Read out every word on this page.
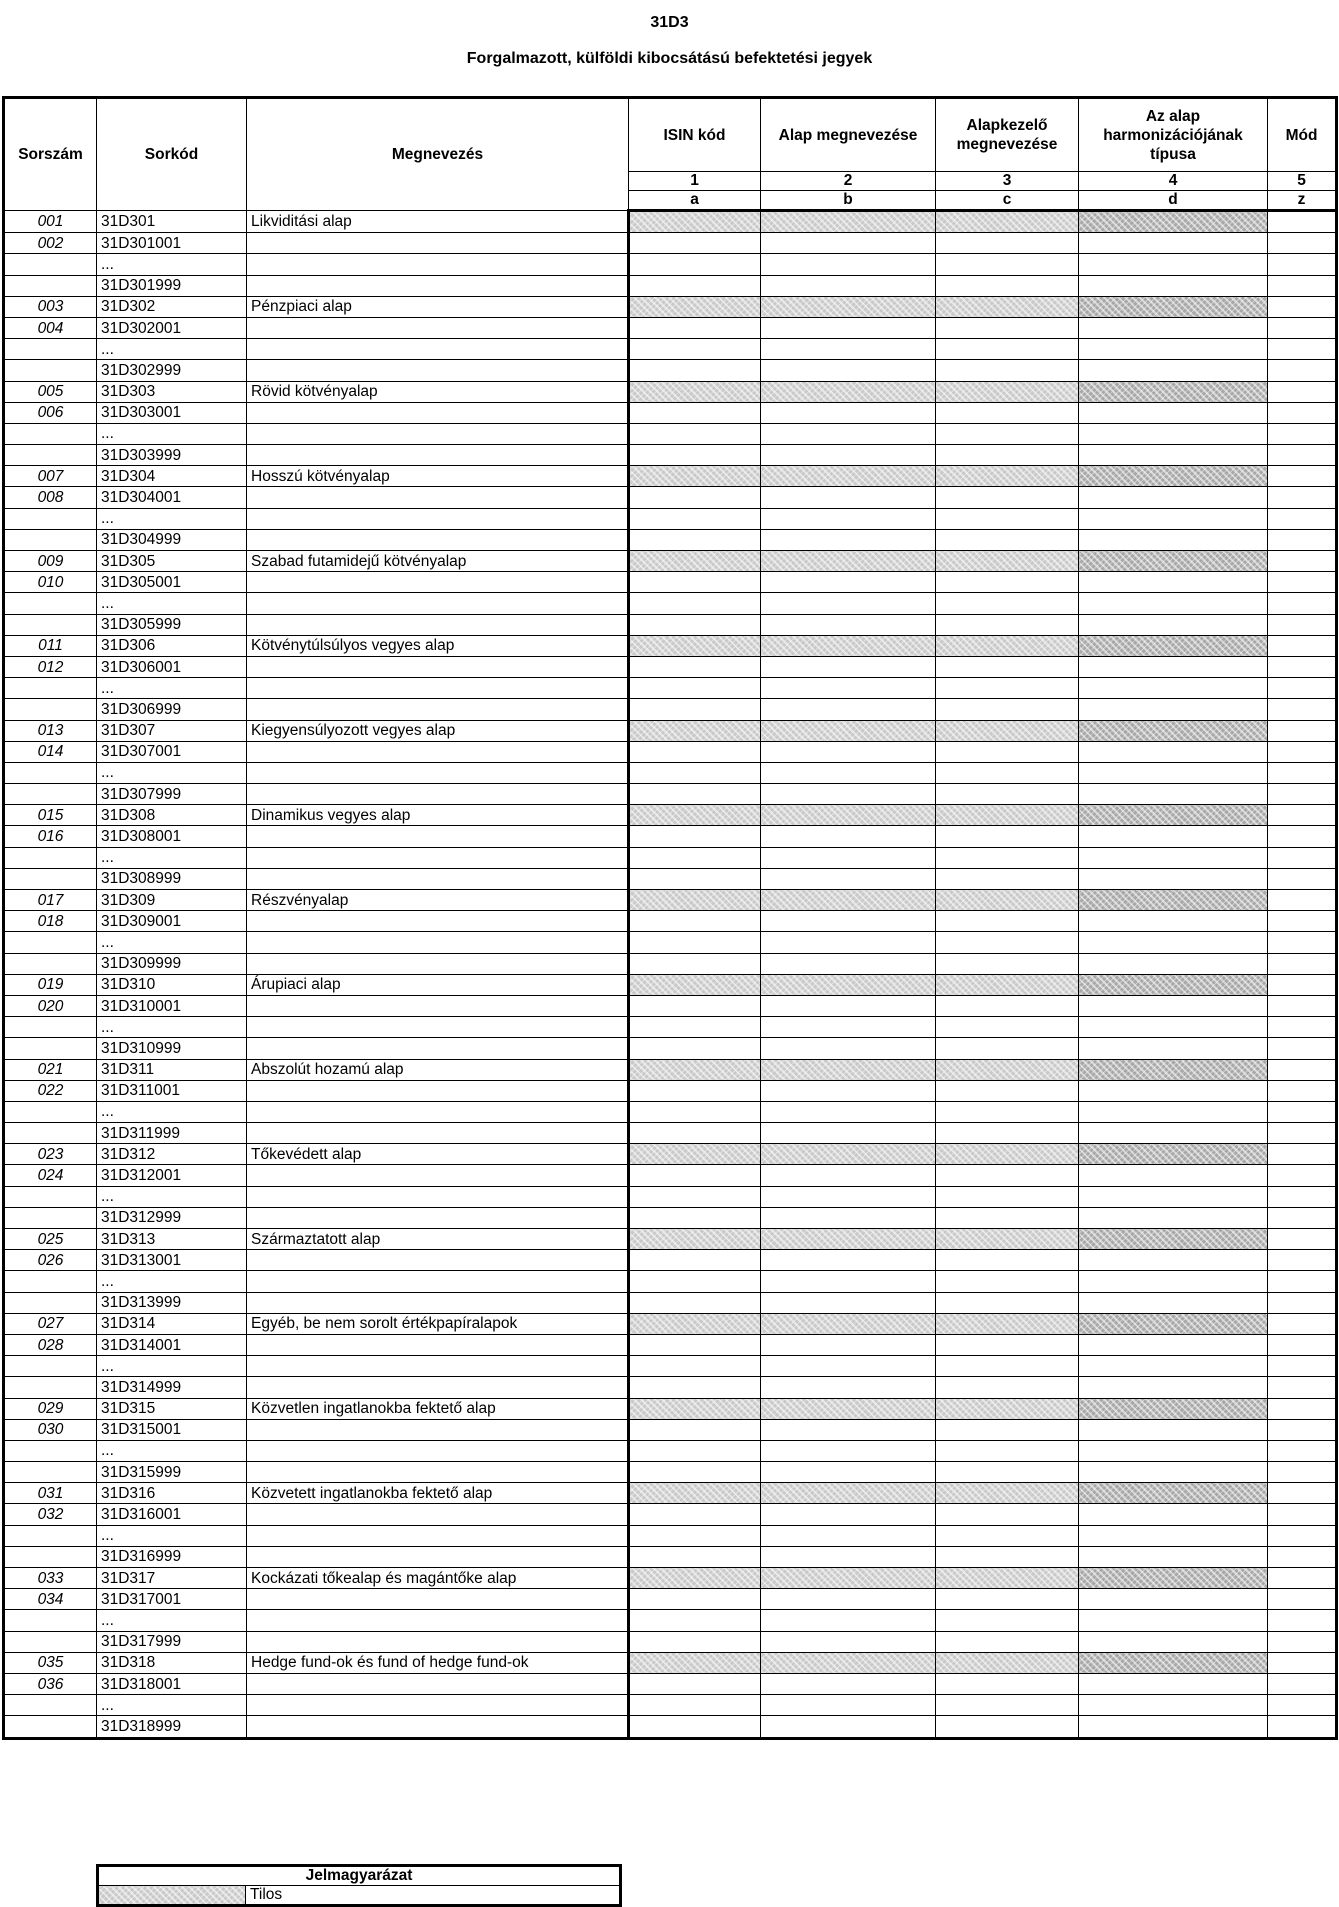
31D3
Forgalmazott, külföldi kibocsátású befektetési jegyek
Sorszám	Sorkód	Megnevezés	ISIN kód	Alap megnevezése	Alapkezelő megnevezése	Az alap harmonizációjának típusa	Mód
			1	2	3	4	5
			a	b	c	d	z
001	31D301	Likviditási alap					
002	31D301001						
	...						
	31D301999						
003	31D302	Pénzpiaci alap					
004	31D302001						
	...						
	31D302999						
005	31D303	Rövid kötvényalap					
006	31D303001						
	...						
	31D303999						
007	31D304	Hosszú kötvényalap					
008	31D304001						
	...						
	31D304999						
009	31D305	Szabad futamidejű kötvényalap					
010	31D305001						
	...						
	31D305999						
011	31D306	Kötvénytúlsúlyos vegyes alap					
012	31D306001						
	...						
	31D306999						
013	31D307	Kiegyensúlyozott vegyes alap					
014	31D307001						
	...						
	31D307999						
015	31D308	Dinamikus vegyes alap					
016	31D308001						
	...						
	31D308999						
017	31D309	Részvényalap					
018	31D309001						
	...						
	31D309999						
019	31D310	Árupiaci alap					
020	31D310001						
	...						
	31D310999						
021	31D311	Abszolút hozamú alap					
022	31D311001						
	...						
	31D311999						
023	31D312	Tőkevédett alap					
024	31D312001						
	...						
	31D312999						
025	31D313	Származtatott alap					
026	31D313001						
	...						
	31D313999						
027	31D314	Egyéb, be nem sorolt értékpapíralapok					
028	31D314001						
	...						
	31D314999						
029	31D315	Közvetlen ingatlanokba fektető alap					
030	31D315001						
	...						
	31D315999						
031	31D316	Közvetett ingatlanokba fektető alap					
032	31D316001						
	...						
	31D316999						
033	31D317	Kockázati tőkealap és magántőke alap					
034	31D317001						
	...						
	31D317999						
035	31D318	Hedge fund-ok és fund of hedge fund-ok					
036	31D318001						
	...						
	31D318999						
Jelmagyarázat
	Tilos
